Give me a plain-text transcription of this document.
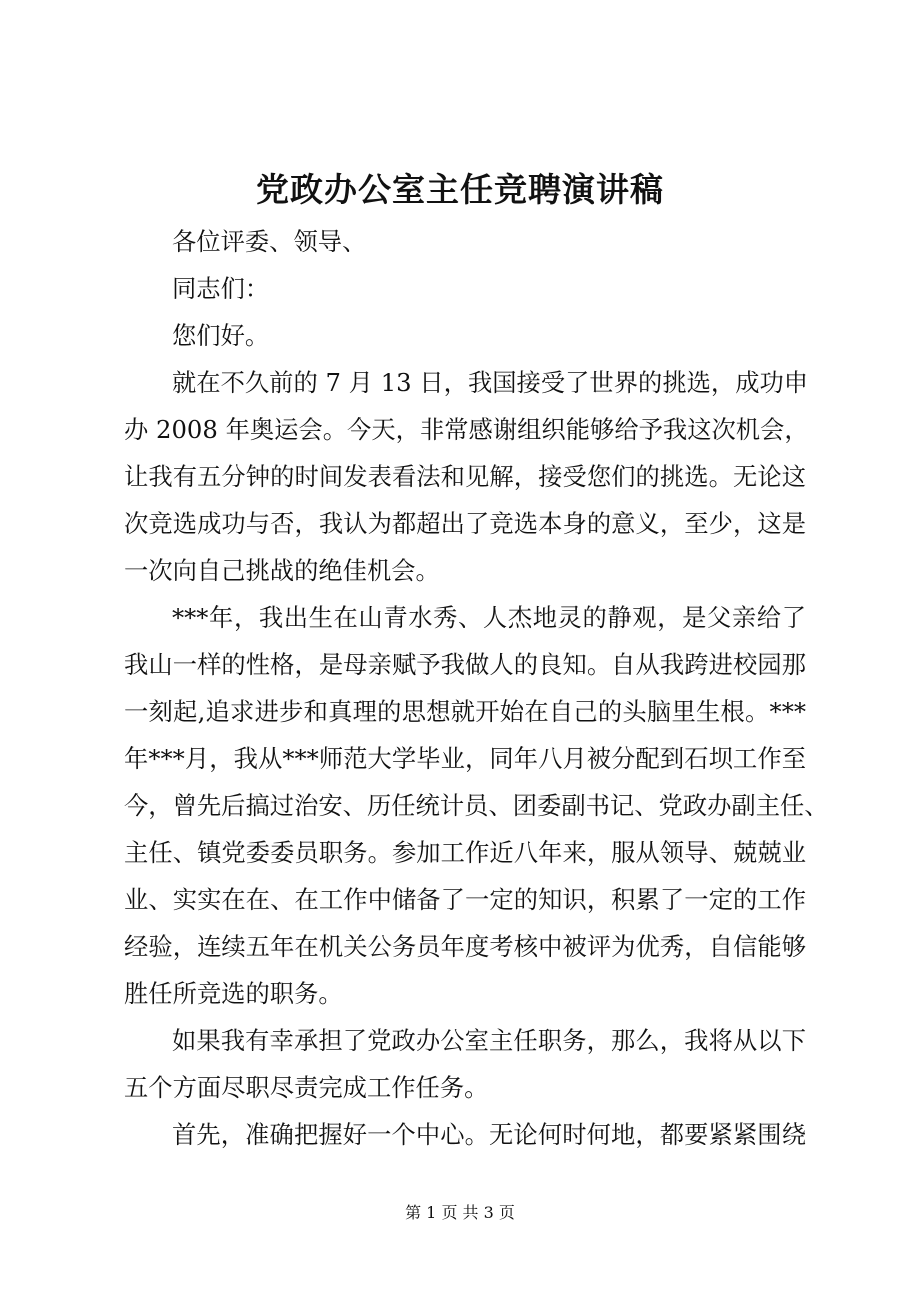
党政办公室主任竞聘演讲稿
各位评委、领导、
同志们：
您们好。
就在不久前的 7 月 13 日，我国接受了世界的挑选，成功申
办 2008 年奥运会。今天，非常感谢组织能够给予我这次机会，
让我有五分钟的时间发表看法和见解，接受您们的挑选。无论这
次竞选成功与否，我认为都超出了竞选本身的意义，至少，这是
一次向自己挑战的绝佳机会。
***年，我出生在山青水秀、人杰地灵的静观，是父亲给了
我山一样的性格，是母亲赋予我做人的良知。自从我跨进校园那
一刻起,追求进步和真理的思想就开始在自己的头脑里生根。***
年***月，我从***师范大学毕业，同年八月被分配到石坝工作至
今，曾先后搞过治安、历任统计员、团委副书记、党政办副主任、
主任、镇党委委员职务。参加工作近八年来，服从领导、兢兢业
业、实实在在、在工作中储备了一定的知识，积累了一定的工作
经验，连续五年在机关公务员年度考核中被评为优秀，自信能够
胜任所竞选的职务。
如果我有幸承担了党政办公室主任职务，那么，我将从以下
五个方面尽职尽责完成工作任务。
首先，准确把握好一个中心。无论何时何地，都要紧紧围绕
第 1 页 共 3 页
